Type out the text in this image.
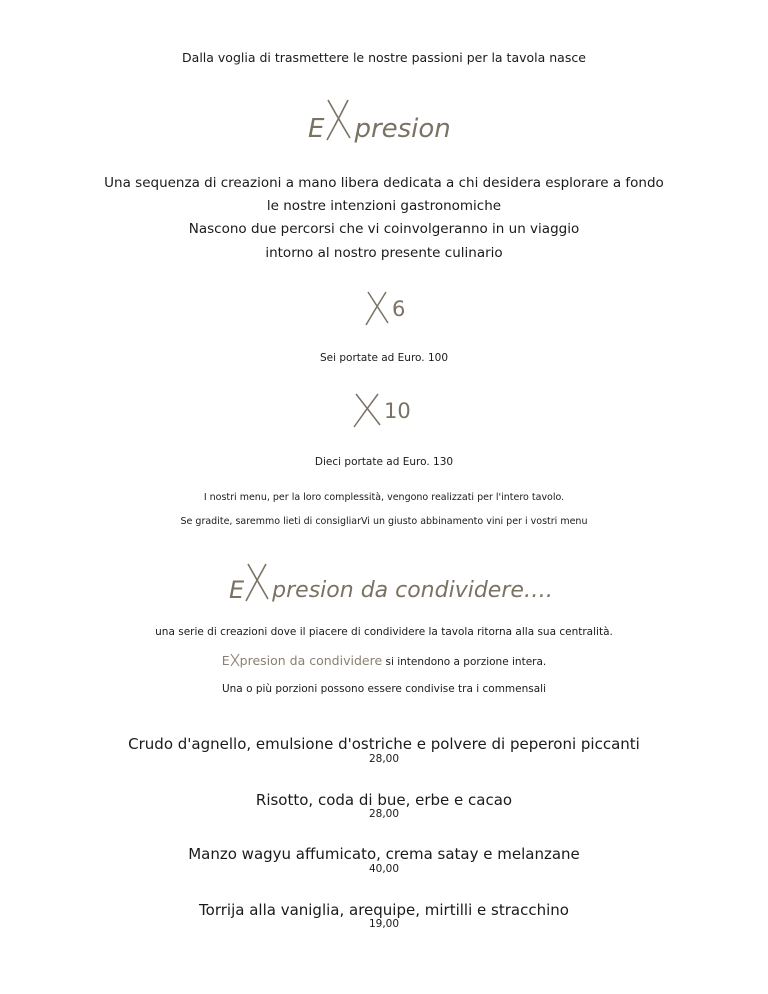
Dalla voglia di trasmettere le nostre passioni per la tavola nasce
E presion
Una sequenza di creazioni a mano libera dedicata a chi desidera esplorare a fondo
le nostre intenzioni gastronomiche
Nascono due percorsi che vi coinvolgeranno in un viaggio
intorno al nostro presente culinario
6
Sei portate ad Euro. 100
10
Dieci portate ad Euro. 130
I nostri menu, per la loro complessità, vengono realizzati per l'intero tavolo.
Se gradite, saremmo lieti di consigliarVi un giusto abbinamento vini per i vostri menu
E presion da condividere….
una serie di creazioni dove il piacere di condividere la tavola ritorna alla sua centralità.
E presion da condividere si intendono a porzione intera.
Una o più porzioni possono essere condivise tra i commensali
Crudo d'agnello, emulsione d'ostriche e polvere di peperoni piccanti
28,00
Risotto, coda di bue, erbe e cacao
28,00
Manzo wagyu affumicato, crema satay e melanzane
40,00
Torrija alla vaniglia, arequipe, mirtilli e stracchino
19,00
